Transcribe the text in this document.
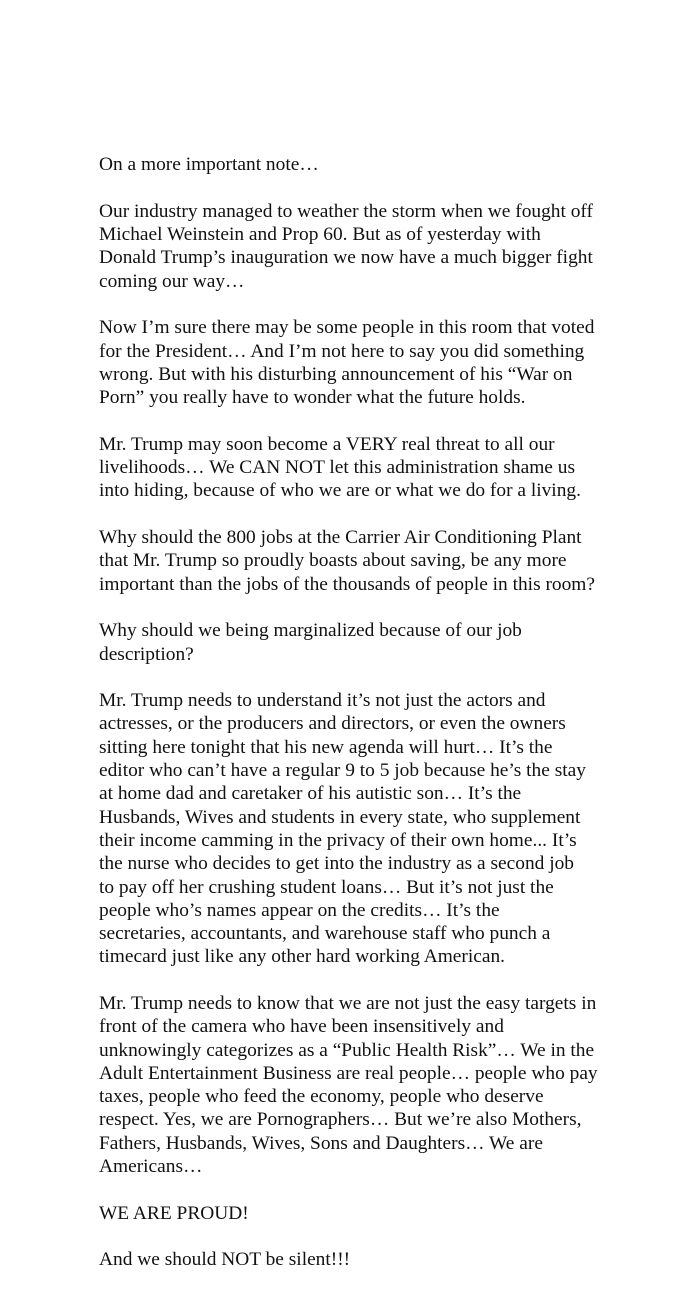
On a more important note…

Our industry managed to weather the storm when we fought off
Michael Weinstein and Prop 60. But as of yesterday with
Donald Trump’s inauguration we now have a much bigger fight
coming our way…

Now I’m sure there may be some people in this room that voted
for the President… And I’m not here to say you did something
wrong. But with his disturbing announcement of his “War on
Porn” you really have to wonder what the future holds.

Mr. Trump may soon become a VERY real threat to all our
livelihoods… We CAN NOT let this administration shame us
into hiding, because of who we are or what we do for a living.

Why should the 800 jobs at the Carrier Air Conditioning Plant
that Mr. Trump so proudly boasts about saving, be any more
important than the jobs of the thousands of people in this room?

Why should we being marginalized because of our job
description?

Mr. Trump needs to understand it’s not just the actors and
actresses, or the producers and directors, or even the owners
sitting here tonight that his new agenda will hurt… It’s the
editor who can’t have a regular 9 to 5 job because he’s the stay
at home dad and caretaker of his autistic son… It’s the
Husbands, Wives and students in every state, who supplement
their income camming in the privacy of their own home... It’s
the nurse who decides to get into the industry as a second job
to pay off her crushing student loans… But it’s not just the
people who’s names appear on the credits… It’s the
secretaries, accountants, and warehouse staff who punch a
timecard just like any other hard working American.

Mr. Trump needs to know that we are not just the easy targets in
front of the camera who have been insensitively and
unknowingly categorizes as a “Public Health Risk”… We in the
Adult Entertainment Business are real people… people who pay
taxes, people who feed the economy, people who deserve
respect. Yes, we are Pornographers… But we’re also Mothers,
Fathers, Husbands, Wives, Sons and Daughters… We are
Americans…

WE ARE PROUD!

And we should NOT be silent!!!
